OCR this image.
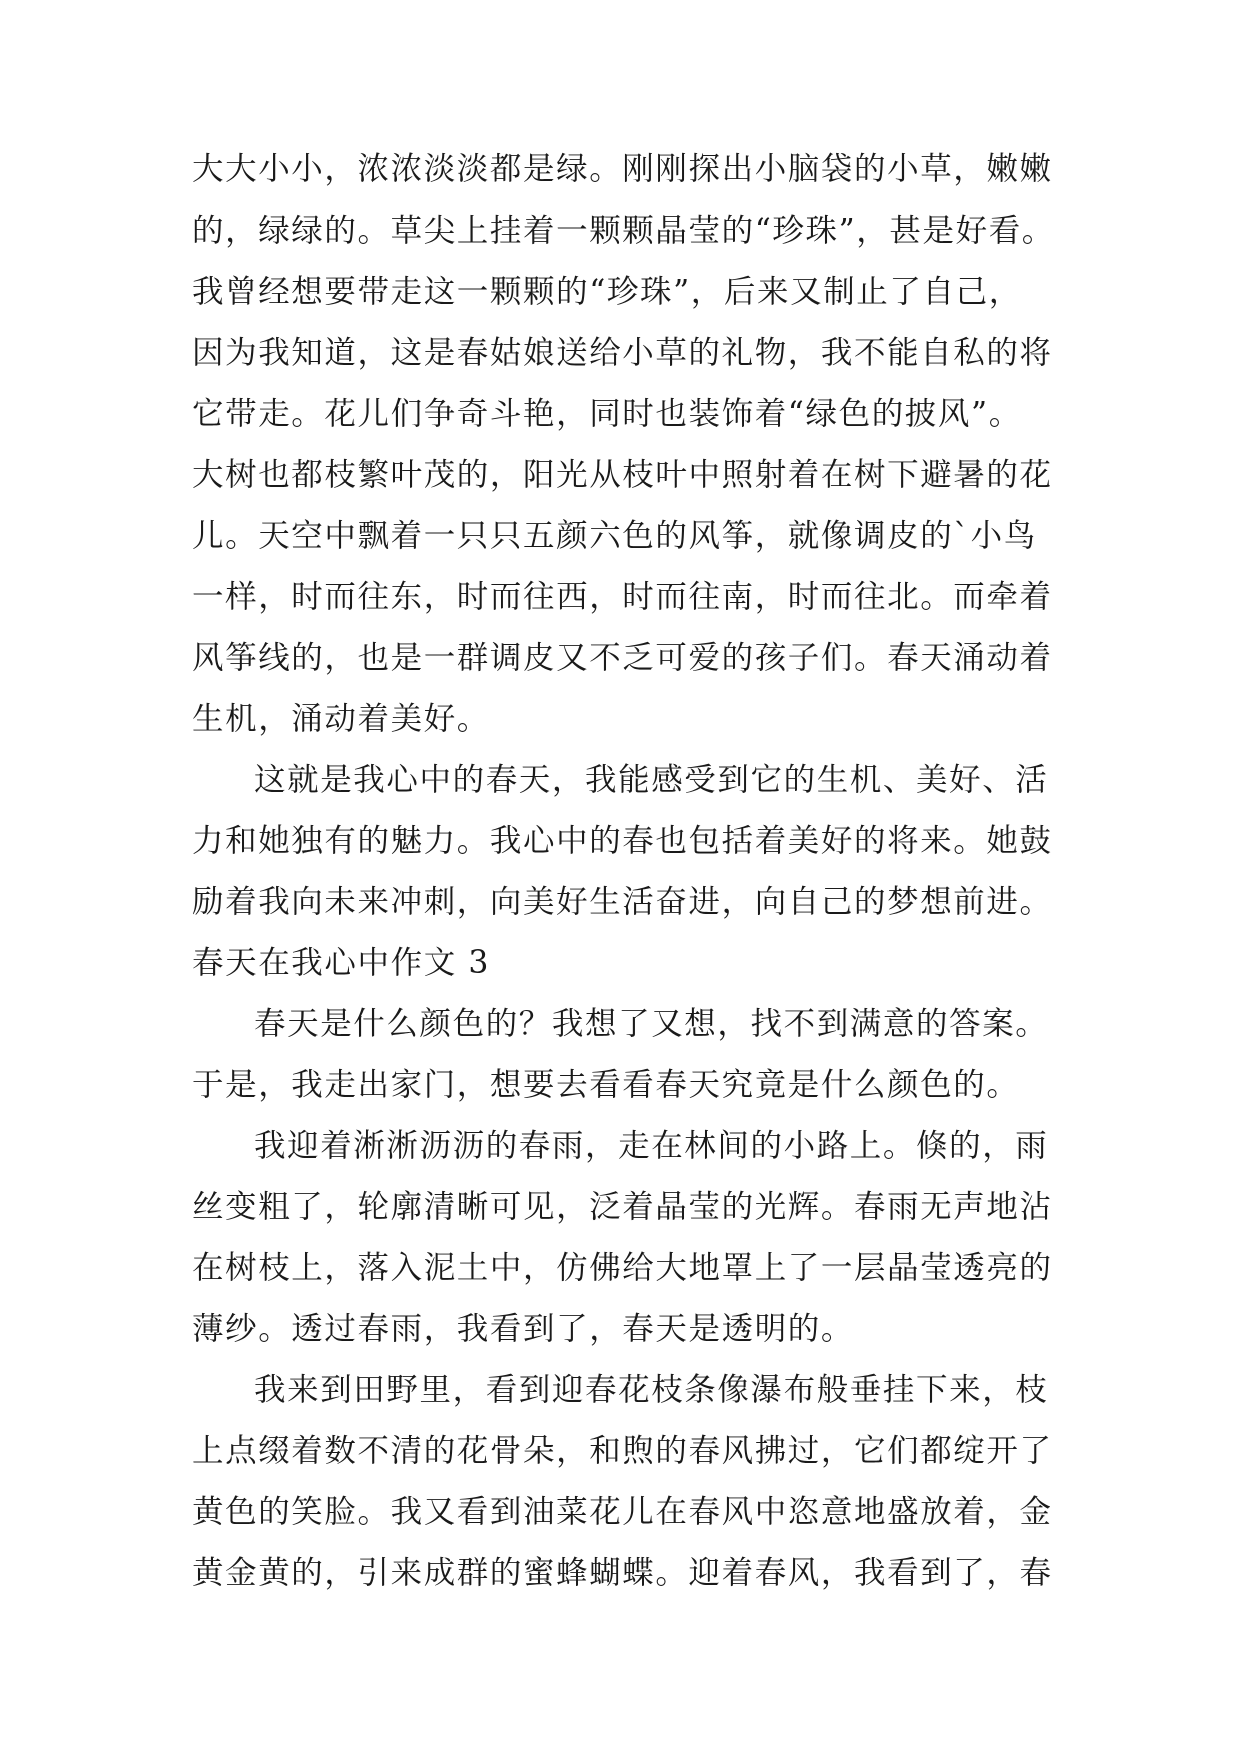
大大小小，浓浓淡淡都是绿。刚刚探出小脑袋的小草，嫩嫩
的，绿绿的。草尖上挂着一颗颗晶莹的“珍珠”，甚是好看。
我曾经想要带走这一颗颗的“珍珠”，后来又制止了自己，
因为我知道，这是春姑娘送给小草的礼物，我不能自私的将
它带走。花儿们争奇斗艳，同时也装饰着“绿色的披风”。
大树也都枝繁叶茂的，阳光从枝叶中照射着在树下避暑的花
儿。天空中飘着一只只五颜六色的风筝，就像调皮的`小鸟
一样，时而往东，时而往西，时而往南，时而往北。而牵着
风筝线的，也是一群调皮又不乏可爱的孩子们。春天涌动着
生机，涌动着美好。
这就是我心中的春天，我能感受到它的生机、美好、活
力和她独有的魅力。我心中的春也包括着美好的将来。她鼓
励着我向未来冲刺，向美好生活奋进，向自己的梦想前进。
春天在我心中作文 3
春天是什么颜色的？我想了又想，找不到满意的答案。
于是，我走出家门，想要去看看春天究竟是什么颜色的。
我迎着淅淅沥沥的春雨，走在林间的小路上。倏的，雨
丝变粗了，轮廓清晰可见，泛着晶莹的光辉。春雨无声地沾
在树枝上，落入泥土中，仿佛给大地罩上了一层晶莹透亮的
薄纱。透过春雨，我看到了，春天是透明的。
我来到田野里，看到迎春花枝条像瀑布般垂挂下来，枝
上点缀着数不清的花骨朵，和煦的春风拂过，它们都绽开了
黄色的笑脸。我又看到油菜花儿在春风中恣意地盛放着，金
黄金黄的，引来成群的蜜蜂蝴蝶。迎着春风，我看到了，春
